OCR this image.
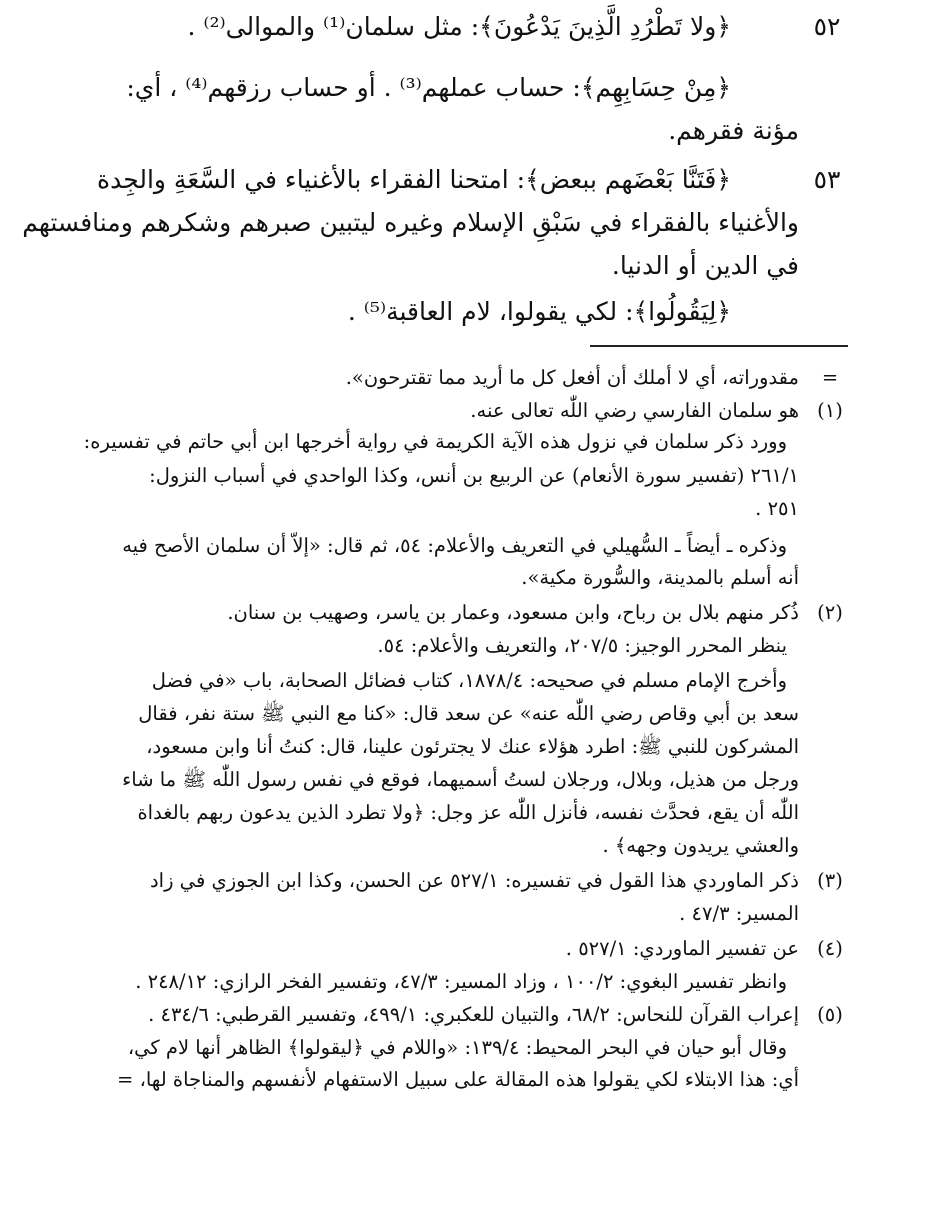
٥٢
﴿ولا تَطْرُدِ الَّذِينَ يَدْعُونَ﴾: مثل سلمان⁽¹⁾ والموالى⁽²⁾ .
﴿مِنْ حِسَابِهِم﴾: حساب عملهم⁽³⁾ . أو حساب رزقهم⁽⁴⁾ ، أي:
مؤنة فقرهم.
٥٣
﴿فَتَنَّا بَعْضَهم ببعض﴾: امتحنا الفقراء بالأغنياء في السَّعَةِ والجِدة
والأغنياء بالفقراء في سَبْقِ الإسلام وغيره ليتبين صبرهم وشكرهم ومنافستهم
في الدين أو الدنيا.
﴿لِيَقُولُوا﴾: لكي يقولوا، لام العاقبة⁽⁵⁾ .
=
مقدوراته، أي لا أملك أن أفعل كل ما أريد مما تقترحون».
(١)
هو سلمان الفارسي رضي اللّٰه تعالى عنه.
وورد ذكر سلمان في نزول هذه الآية الكريمة في رواية أخرجها ابن أبي حاتم في تفسيره:
٢٦١/١ (تفسير سورة الأنعام) عن الربيع بن أنس، وكذا الواحدي في أسباب النزول:
٢٥١ .
وذكره ـ أيضاً ـ السُّهيلي في التعريف والأعلام: ٥٤، ثم قال: «إلاّ أن سلمان الأصح فيه
أنه أسلم بالمدينة، والسُّورة مكية».
(٢)
ذُكر منهم بلال بن رباح، وابن مسعود، وعمار بن ياسر، وصهيب بن سنان.
ينظر المحرر الوجيز: ٢٠٧/٥، والتعريف والأعلام: ٥٤.
وأخرج الإمام مسلم في صحيحه: ١٨٧٨/٤، كتاب فضائل الصحابة، باب «في فضل
سعد بن أبي وقاص رضي اللّٰه عنه» عن سعد قال: «كنا مع النبي ﷺ ستة نفر، فقال
المشركون للنبي ﷺ: اطرد هؤلاء عنك لا يجترئون علينا، قال: كنتُ أنا وابن مسعود،
ورجل من هذيل، وبلال، ورجلان لستُ أسميهما، فوقع في نفس رسول اللّٰه ﷺ ما شاء
اللّٰه أن يقع، فحدَّث نفسه، فأنزل اللّٰه عز وجل: ﴿ولا تطرد الذين يدعون ربهم بالغداة
والعشي يريدون وجهه﴾ .
(٣)
ذكر الماوردي هذا القول في تفسيره: ٥٢٧/١ عن الحسن، وكذا ابن الجوزي في زاد
المسير: ٤٧/٣ .
(٤)
عن تفسير الماوردي: ٥٢٧/١ .
وانظر تفسير البغوي: ١٠٠/٢ ، وزاد المسير: ٤٧/٣، وتفسير الفخر الرازي: ٢٤٨/١٢ .
(٥)
إعراب القرآن للنحاس: ٦٨/٢، والتبيان للعكبري: ٤٩٩/١، وتفسير القرطبي: ٤٣٤/٦ .
وقال أبو حيان في البحر المحيط: ١٣٩/٤: «واللام في ﴿ليقولوا﴾ الظاهر أنها لام كي،
أي: هذا الابتلاء لكي يقولوا هذه المقالة على سبيل الاستفهام لأنفسهم والمناجاة لها، =
